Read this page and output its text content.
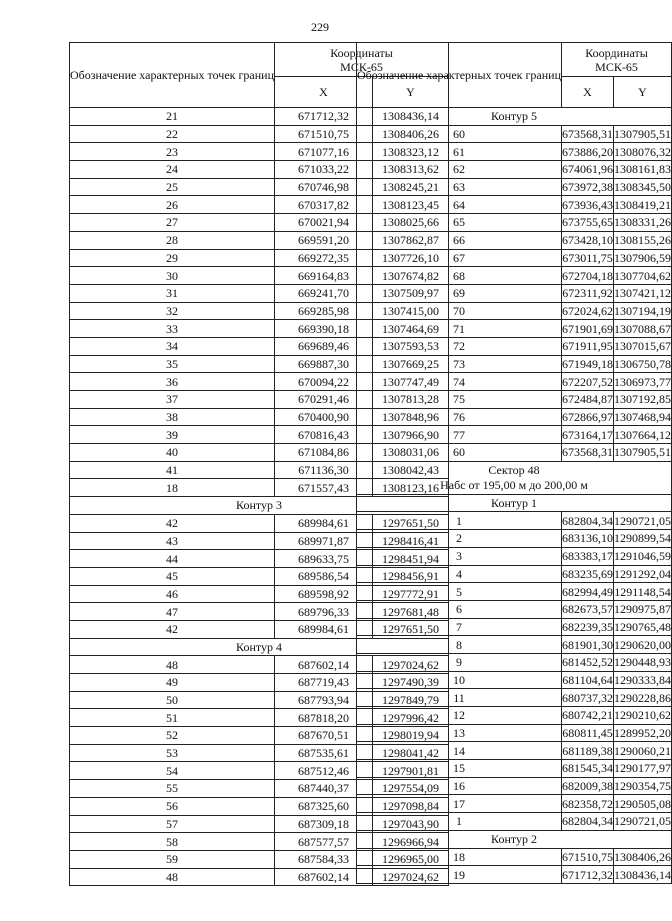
229
Обозначение характерных точек границ	Координаты
МСК-65	
	X	Y
21	671712,32	1308436,14
22	671510,75	1308406,26
23	671077,16	1308323,12
24	671033,22	1308313,62
25	670746,98	1308245,21
26	670317,82	1308123,45
27	670021,94	1308025,66
28	669591,20	1307862,87
29	669272,35	1307726,10
30	669164,83	1307674,82
31	669241,70	1307509,97
32	669285,98	1307415,00
33	669390,18	1307464,69
34	669689,46	1307593,53
35	669887,30	1307669,25
36	670094,22	1307747,49
37	670291,46	1307813,28
38	670400,90	1307848,96
39	670816,43	1307966,90
40	671084,86	1308031,06
41	671136,30	1308042,43
18	671557,43	1308123,16
Контур 3		
42	689984,61	1297651,50
43	689971,87	1298416,41
44	689633,75	1298451,94
45	689586,54	1298456,91
46	689598,92	1297772,91
47	689796,33	1297681,48
42	689984,61	1297651,50
Контур 4		
48	687602,14	1297024,62
49	687719,43	1297490,39
50	687793,94	1297849,79
51	687818,20	1297996,42
52	687670,51	1298019,94
53	687535,61	1298041,42
54	687512,46	1297901,81
55	687440,37	1297554,09
56	687325,60	1297098,84
57	687309,18	1297043,90
58	687577,57	1296966,94
59	687584,33	1296965,00
48	687602,14	1297024,62
Обозначение характерных точек границ	Координаты
МСК-65	
	X	Y
Контур 5		
60	673568,31	1307905,51
61	673886,20	1308076,32
62	674061,96	1308161,83
63	673972,38	1308345,50
64	673936,43	1308419,21
65	673755,65	1308331,26
66	673428,10	1308155,26
67	673011,75	1307906,59
68	672704,18	1307704,62
69	672311,92	1307421,12
70	672024,62	1307194,19
71	671901,69	1307088,67
72	671911,95	1307015,67
73	671949,18	1306750,78
74	672207,52	1306973,77
75	672484,87	1307192,85
76	672866,97	1307468,94
77	673164,17	1307664,12
60	673568,31	1307905,51
Сектор 48
Набс от 195,00 м до 200,00 м		
Контур 1		
1	682804,34	1290721,05
2	683136,10	1290899,54
3	683383,17	1291046,59
4	683235,69	1291292,04
5	682994,49	1291148,54
6	682673,57	1290975,87
7	682239,35	1290765,48
8	681901,30	1290620,00
9	681452,52	1290448,93
10	681104,64	1290333,84
11	680737,32	1290228,86
12	680742,21	1290210,62
13	680811,45	1289952,20
14	681189,38	1290060,21
15	681545,34	1290177,97
16	682009,38	1290354,75
17	682358,72	1290505,08
1	682804,34	1290721,05
Контур 2		
18	671510,75	1308406,26
19	671712,32	1308436,14
